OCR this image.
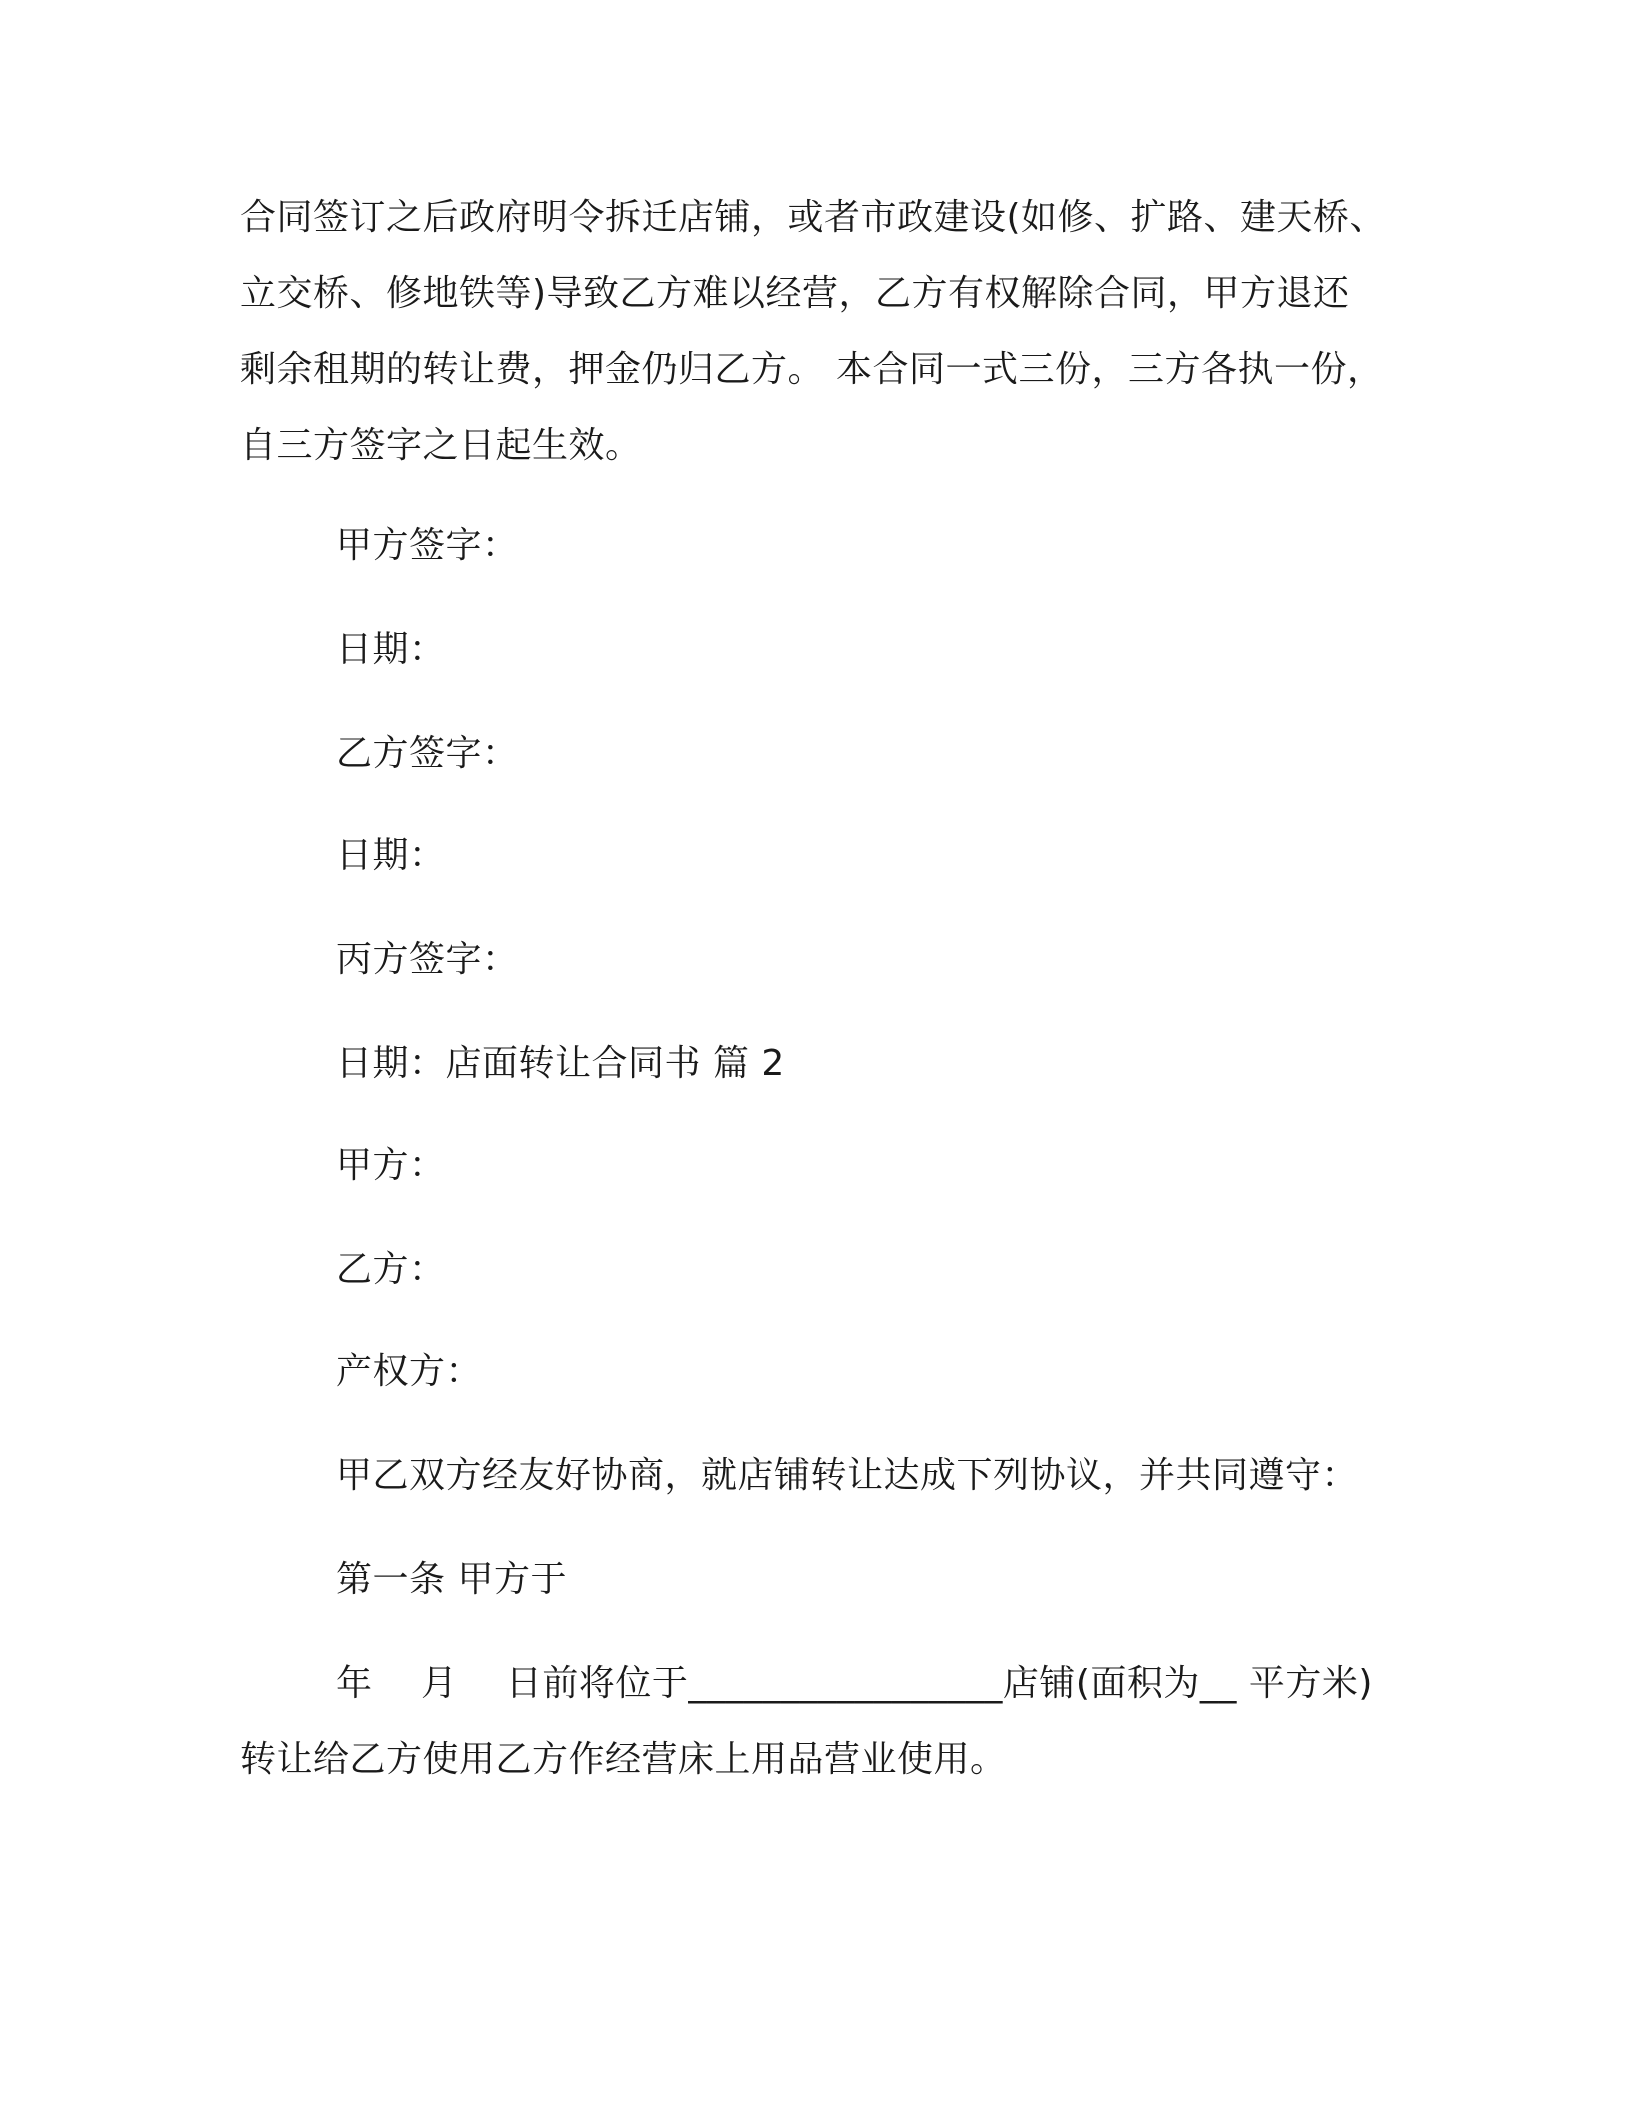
合同签订之后政府明令拆迁店铺，或者市政建设(如修、扩路、建天桥、
立交桥、修地铁等)导致乙方难以经营，乙方有权解除合同，甲方退还
剩余租期的转让费，押金仍归乙方。 本合同一式三份，三方各执一份，
自三方签字之日起生效。
甲方签字：
日期：
乙方签字：
日期：
丙方签字：
日期：店面转让合同书 篇 2
甲方：
乙方：
产权方：
甲乙双方经友好协商，就店铺转让达成下列协议，并共同遵守：
第一条 甲方于
年　 月　 日前将位于_________________店铺(面积为__ 平方米)
转让给乙方使用乙方作经营床上用品营业使用。
